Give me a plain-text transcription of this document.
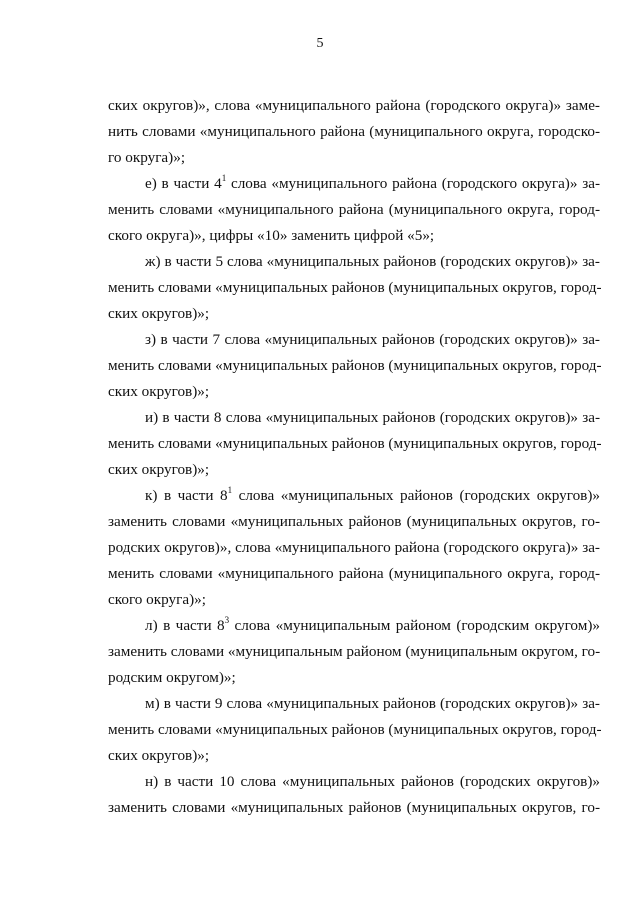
5
ских округов)», слова «муниципального района (городского округа)» заме-
нить словами «муниципального района (муниципального округа, городско-
го округа)»;
е) в части $4^1$ слова «муниципального района (городского округа)» за-
менить словами «муниципального района (муниципального округа, город-
ского округа)», цифры «10» заменить цифрой «5»;
ж) в части 5 слова «муниципальных районов (городских округов)» за-
менить словами «муниципальных районов (муниципальных округов, город-
ских округов)»;
з) в части 7 слова «муниципальных районов (городских округов)» за-
менить словами «муниципальных районов (муниципальных округов, город-
ских округов)»;
и) в части 8 слова «муниципальных районов (городских округов)» за-
менить словами «муниципальных районов (муниципальных округов, город-
ских округов)»;
к) в части $8^1$ слова «муниципальных районов (городских округов)»
заменить словами «муниципальных районов (муниципальных округов, го-
родских округов)», слова «муниципального района (городского округа)» за-
менить словами «муниципального района (муниципального округа, город-
ского округа)»;
л) в части $8^3$ слова «муниципальным районом (городским округом)»
заменить словами «муниципальным районом (муниципальным округом, го-
родским округом)»;
м) в части 9 слова «муниципальных районов (городских округов)» за-
менить словами «муниципальных районов (муниципальных округов, город-
ских округов)»;
н) в части 10 слова «муниципальных районов (городских округов)»
заменить словами «муниципальных районов (муниципальных округов, го-
